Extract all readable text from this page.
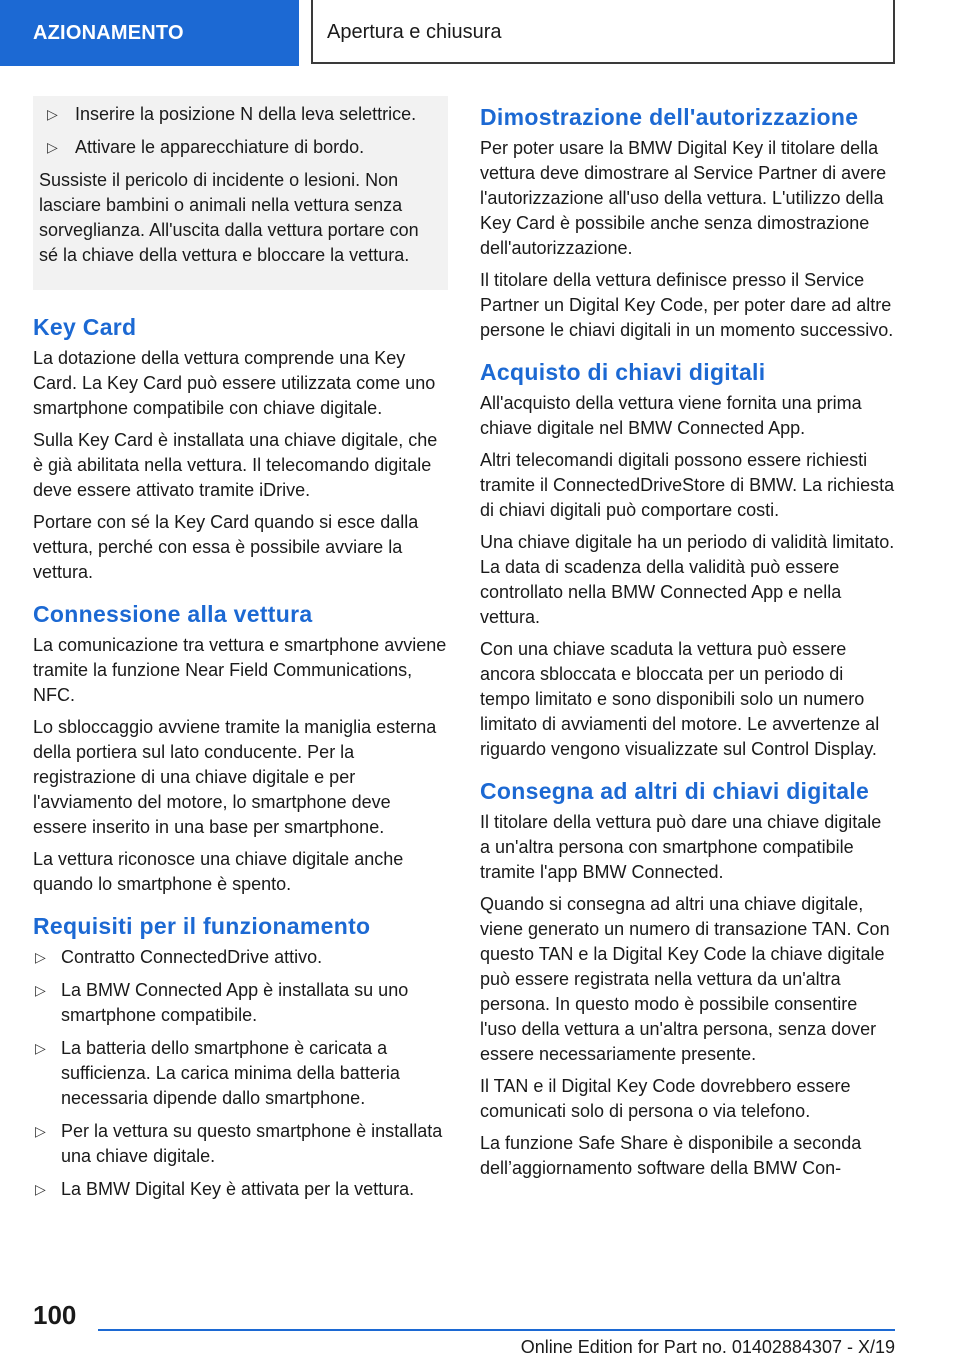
AZIONAMENTO	Apertura e chiusura
▷ Inserire la posizione N della leva selettrice.
▷ Attivare le apparecchiature di bordo.

Sussiste il pericolo di incidente o lesioni. Non lasciare bambini o animali nella vettura senza sorveglianza. All'uscita dalla vettura portare con sé la chiave della vettura e bloccare la vettura.

Key Card

La dotazione della vettura comprende una Key Card. La Key Card può essere utilizzata come uno smartphone compatibile con chiave digitale.

Sulla Key Card è installata una chiave digitale, che è già abilitata nella vettura. Il telecomando digitale deve essere attivato tramite iDrive.

Portare con sé la Key Card quando si esce dalla vettura, perché con essa è possibile avviare la vettura.

Connessione alla vettura

La comunicazione tra vettura e smartphone avviene tramite la funzione Near Field Communications, NFC.

Lo sbloccaggio avviene tramite la maniglia esterna della portiera sul lato conducente. Per la registrazione di una chiave digitale e per l'avviamento del motore, lo smartphone deve essere inserito in una base per smartphone.

La vettura riconosce una chiave digitale anche quando lo smartphone è spento.

Requisiti per il funzionamento
▷ Contratto ConnectedDrive attivo.
▷ La BMW Connected App è installata su uno smartphone compatibile.
▷ La batteria dello smartphone è caricata a sufficienza. La carica minima della batteria necessaria dipende dallo smartphone.
▷ Per la vettura su questo smartphone è installata una chiave digitale.
▷ La BMW Digital Key è attivata per la vettura.
Dimostrazione dell'autorizzazione

Per poter usare la BMW Digital Key il titolare della vettura deve dimostrare al Service Partner di avere l'autorizzazione all'uso della vettura. L'utilizzo della Key Card è possibile anche senza dimostrazione dell'autorizzazione.

Il titolare della vettura definisce presso il Service Partner un Digital Key Code, per poter dare ad altre persone le chiavi digitali in un momento successivo.

Acquisto di chiavi digitali

All'acquisto della vettura viene fornita una prima chiave digitale nel BMW Connected App.

Altri telecomandi digitali possono essere richiesti tramite il ConnectedDriveStore di BMW. La richiesta di chiavi digitali può comportare costi.

Una chiave digitale ha un periodo di validità limitato. La data di scadenza della validità può essere controllato nella BMW Connected App e nella vettura.

Con una chiave scaduta la vettura può essere ancora sbloccata e bloccata per un periodo di tempo limitato e sono disponibili solo un numero limitato di avviamenti del motore. Le avvertenze al riguardo vengono visualizzate sul Control Display.

Consegna ad altri di chiavi digitale

Il titolare della vettura può dare una chiave digitale a un'altra persona con smartphone compatibile tramite l'app BMW Connected.

Quando si consegna ad altri una chiave digitale, viene generato un numero di transazione TAN. Con questo TAN e la Digital Key Code la chiave digitale può essere registrata nella vettura da un'altra persona. In questo modo è possibile consentire l'uso della vettura a un'altra persona, senza dover essere necessariamente presente.

Il TAN e il Digital Key Code dovrebbero essere comunicati solo di persona o via telefono.

La funzione Safe Share è disponibile a seconda dell’aggiornamento software della BMW Con-

100
Online Edition for Part no. 01402884307 - X/19
